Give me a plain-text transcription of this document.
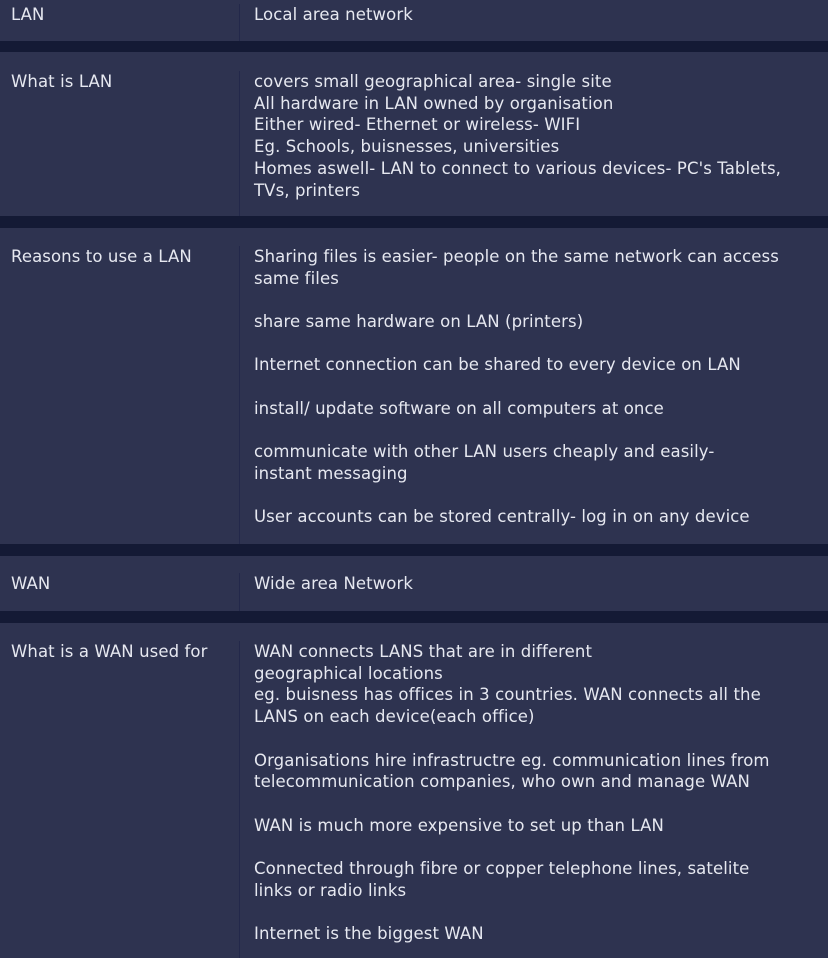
LAN	Local area network
What is LAN	covers small geographical area- single site
All hardware in LAN owned by organisation
Either wired- Ethernet or wireless- WIFI
Eg. Schools, buisnesses, universities
Homes aswell- LAN to connect to various devices- PC's Tablets,
TVs, printers
Reasons to use a LAN	Sharing files is easier- people on the same network can access
same files
share same hardware on LAN (printers)
Internet connection can be shared to every device on LAN
install/ update software on all computers at once
communicate with other LAN users cheaply and easily-
instant messaging
User accounts can be stored centrally- log in on any device
WAN	Wide area Network
What is a WAN used for	WAN connects LANS that are in different
geographical locations
eg. buisness has offices in 3 countries. WAN connects all the
LANS on each device(each office)
Organisations hire infrastructre eg. communication lines from
telecommunication companies, who own and manage WAN
WAN is much more expensive to set up than LAN
Connected through fibre or copper telephone lines, satelite
links or radio links
Internet is the biggest WAN
